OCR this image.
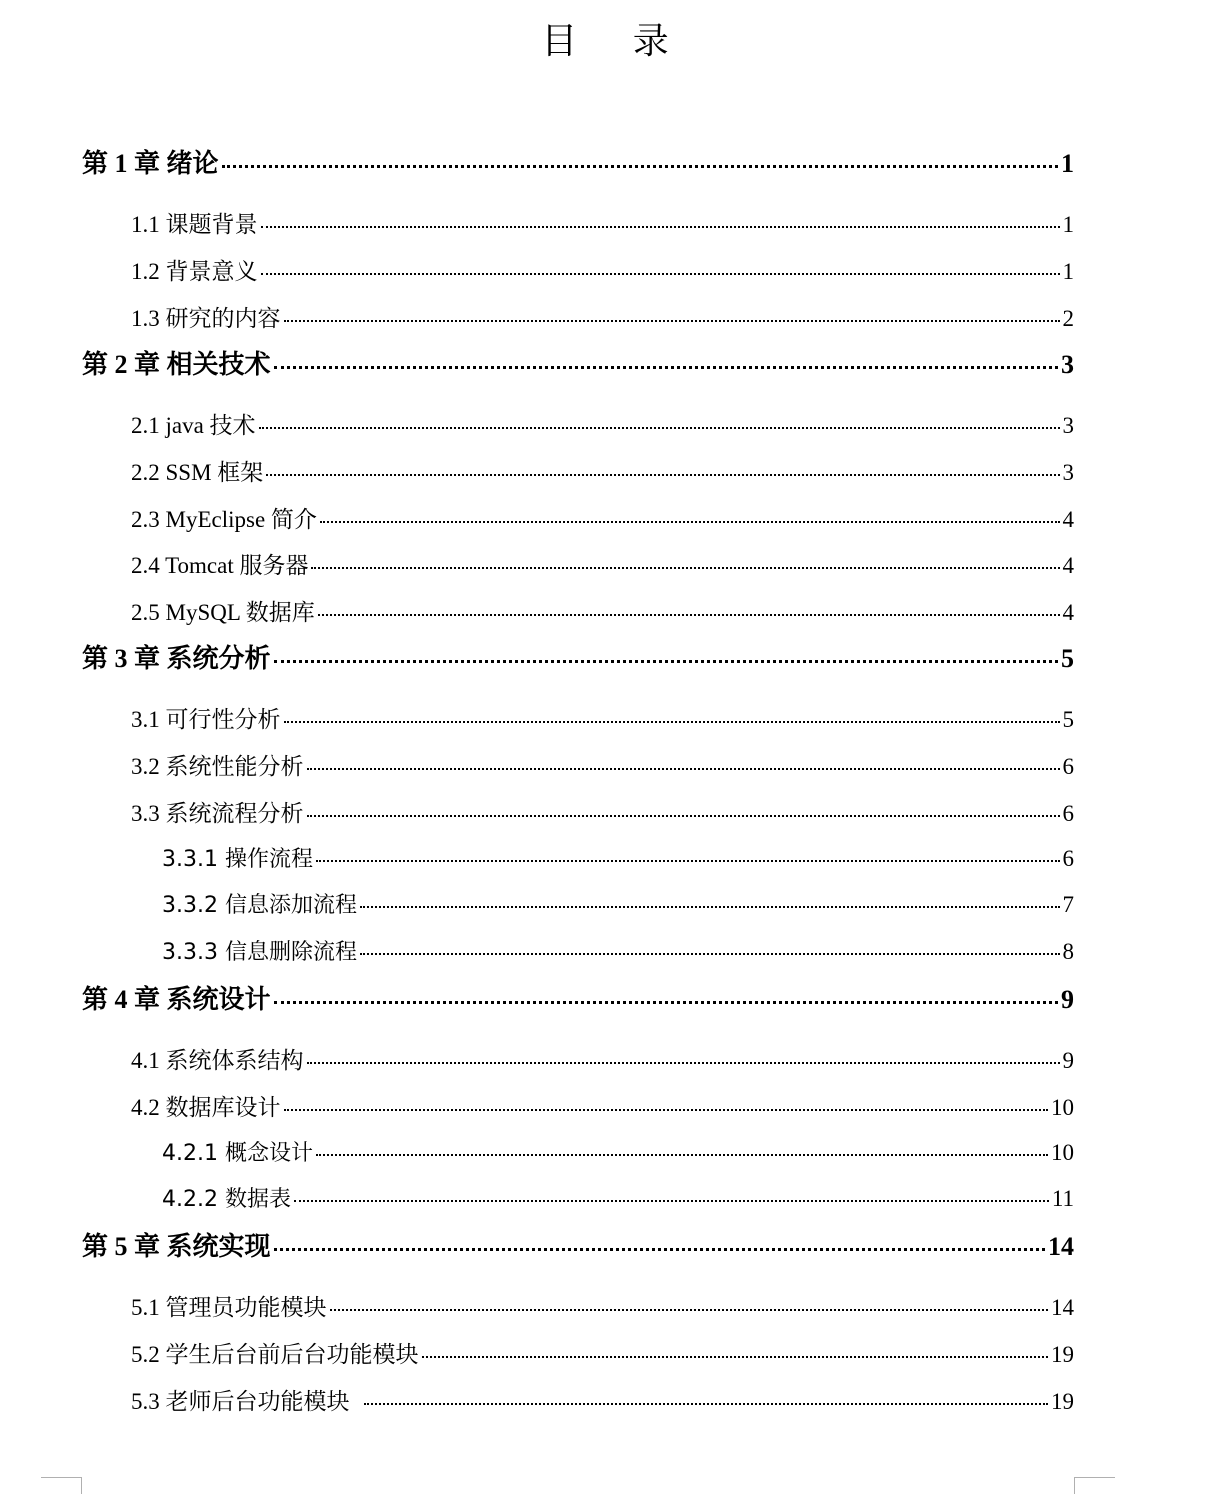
目 录
第 1 章 绪论	1
1.1 课题背景	1
1.2 背景意义	1
1.3 研究的内容	2
第 2 章 相关技术	3
2.1 java 技术	3
2.2 SSM 框架	3
2.3 MyEclipse 简介	4
2.4 Tomcat 服务器	4
2.5 MySQL 数据库	4
第 3 章 系统分析	5
3.1 可行性分析	5
3.2 系统性能分析	6
3.3 系统流程分析	6
3.3.1 操作流程	6
3.3.2 信息添加流程	7
3.3.3 信息删除流程	8
第 4 章 系统设计	9
4.1 系统体系结构	9
4.2 数据库设计	10
4.2.1 概念设计	10
4.2.2 数据表	11
第 5 章 系统实现	14
5.1 管理员功能模块	14
5.2 学生后台前后台功能模块	19
5.3 老师后台功能模块	19
